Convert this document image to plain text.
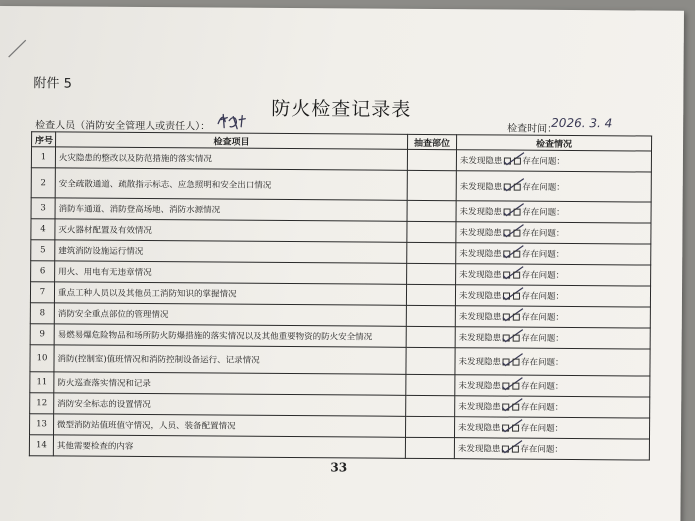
附件 5
防火检查记录表
检查人员（消防安全管理人或责任人）：	检查时间：
2026. 3. 4
序号	检查项目	抽查部位	检查情况
1	火灾隐患的整改以及防范措施的落实情况		未发现隐患 存在问题：
2	安全疏散通道、疏散指示标志、应急照明和安全出口情况		未发现隐患 存在问题：
3	消防车通道、消防登高场地、消防水源情况		未发现隐患 存在问题：
4	灭火器材配置及有效情况		未发现隐患 存在问题：
5	建筑消防设施运行情况		未发现隐患 存在问题：
6	用火、用电有无违章情况		未发现隐患 存在问题：
7	重点工种人员以及其他员工消防知识的掌握情况		未发现隐患 存在问题：
8	消防安全重点部位的管理情况		未发现隐患 存在问题：
9	易燃易爆危险物品和场所防火防爆措施的落实情况以及其他重要物资的防火安全情况		未发现隐患 存在问题：
10	消防(控制室)值班情况和消防控制设备运行、记录情况		未发现隐患 存在问题：
11	防火巡查落实情况和记录		未发现隐患 存在问题：
12	消防安全标志的设置情况		未发现隐患 存在问题：
13	微型消防站值班值守情况，人员、装备配置情况		未发现隐患 存在问题：
14	其他需要检查的内容		未发现隐患 存在问题：
33
